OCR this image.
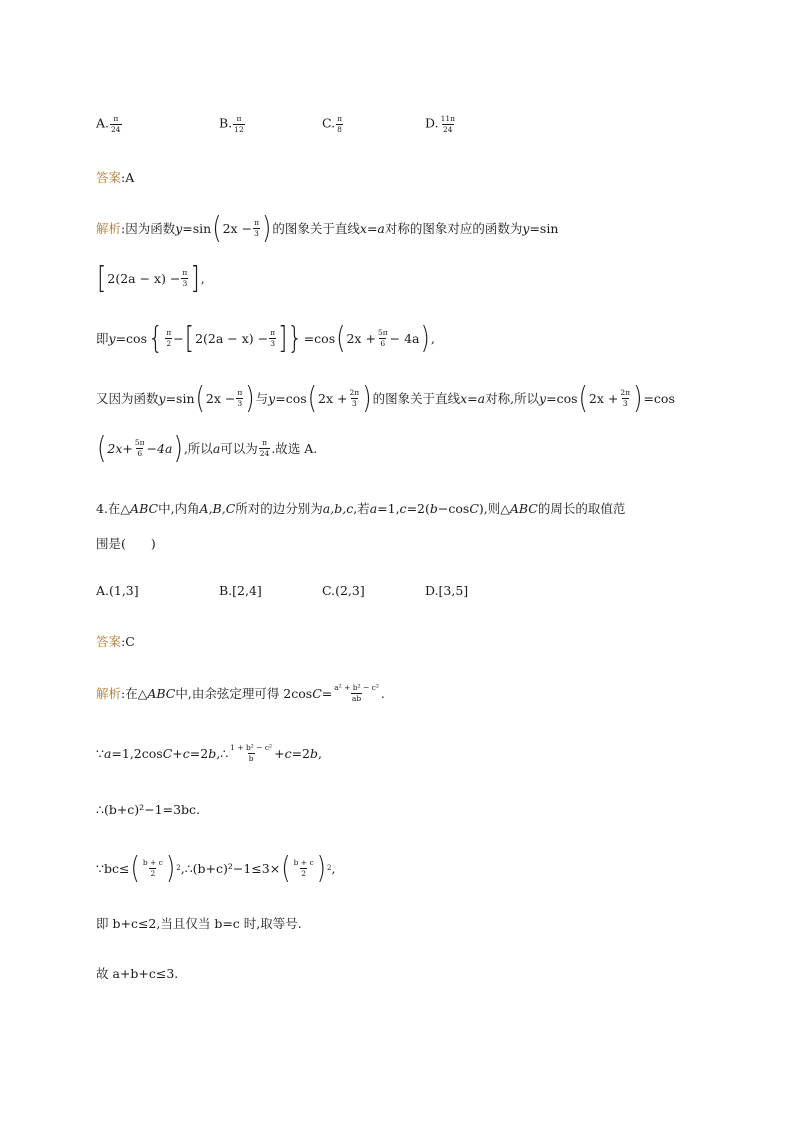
A. $\frac{\pi}{24}$	B. $\frac{\pi}{12}$	C. $\frac{\pi}{8}$	D. $\frac{11\pi}{24}$
答案 :A
解析 :因为函数 y =sin ( $2x - \frac{\pi}{3}$ ) 的图象关于直线 x=a 对称的图象对应的函数为 y =sin
[ $2(2a - x) - \frac{\pi}{3}$ ] ,
即 y =cos { $\frac{\pi}{2}$ − [ $2(2a - x) - \frac{\pi}{3}$ ]} =cos ( $2x + \frac{5\pi}{6} - 4a$ ) ,
又因为函数 y =sin ( $2x - \frac{\pi}{3}$ ) 与 y =cos ( $2x + \frac{2\pi}{3}$ ) 的图象关于直线 x=a 对称,所以 y =cos ( $2x + \frac{2\pi}{3}$ ) =cos
( $2x+ \frac{5\pi}{6} -4a$ ) ,所以 a 可以为 $\frac{\pi}{24}$ .故选 A.
4.在△ ABC 中,内角 A,B,C 所对的边分别为 a,b,c ,若 a =1, c =2( b −cos C ),则△ ABC 的周长的取值范
围是(　　)
A.(1,3]	B.[2,4]	C.(2,3]	D.[3,5]
答案 :C
解析 :在△ ABC 中,由余弦定理可得 2cos $C = \frac{\text{a² + b² − c²}}{ab}$ .
∵ a =1,2cos C + c =2 b ,∴ $\frac{\text{1 + b² − c²}}{b} + c =2$ b ,
∴(b+c)²−1=3bc.
∵bc≤ ( $\frac{b + c}{2}$ ) 2 ,∴(b+c)²−1≤3× ( $\frac{b + c}{2}$ ) 2 ,
即 b+c≤2,当且仅当 b=c 时,取等号.
故 a+b+c≤3.
